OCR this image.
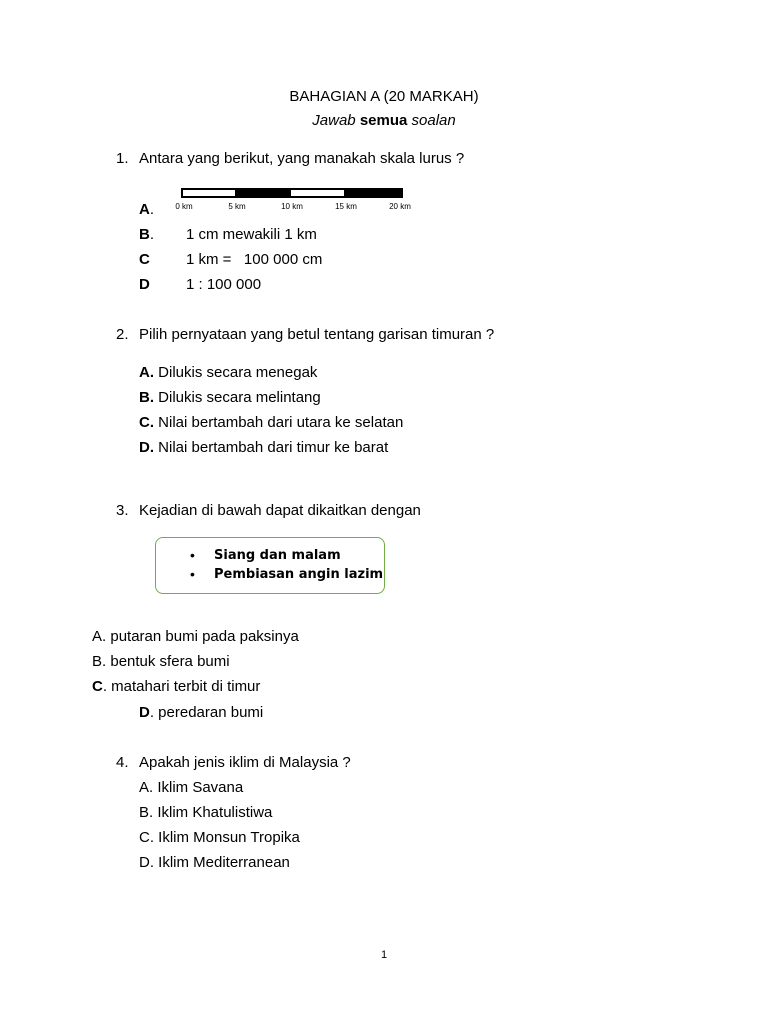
BAHAGIAN A (20 MARKAH)
Jawab semua soalan
1. Antara yang berikut, yang manakah skala lurus ?
0 km	5 km	10 km	15 km	20 km
A.
B. 1 cm mewakili 1 km
C 1 km =   100 000 cm
D 1 : 100 000
2. Pilih pernyataan yang betul tentang garisan timuran ?
A. Dilukis secara menegak
B. Dilukis secara melintang
C. Nilai bertambah dari utara ke selatan
D. Nilai bertambah dari timur ke barat
3. Kejadian di bawah dapat dikaitkan dengan
• Siang dan malam
• Pembiasan angin lazim
A. putaran bumi pada paksinya
B. bentuk sfera bumi
C. matahari terbit di timur
D. peredaran bumi
4. Apakah jenis iklim di Malaysia ?
A. Iklim Savana
B. Iklim Khatulistiwa
C. Iklim Monsun Tropika
D. Iklim Mediterranean
1
